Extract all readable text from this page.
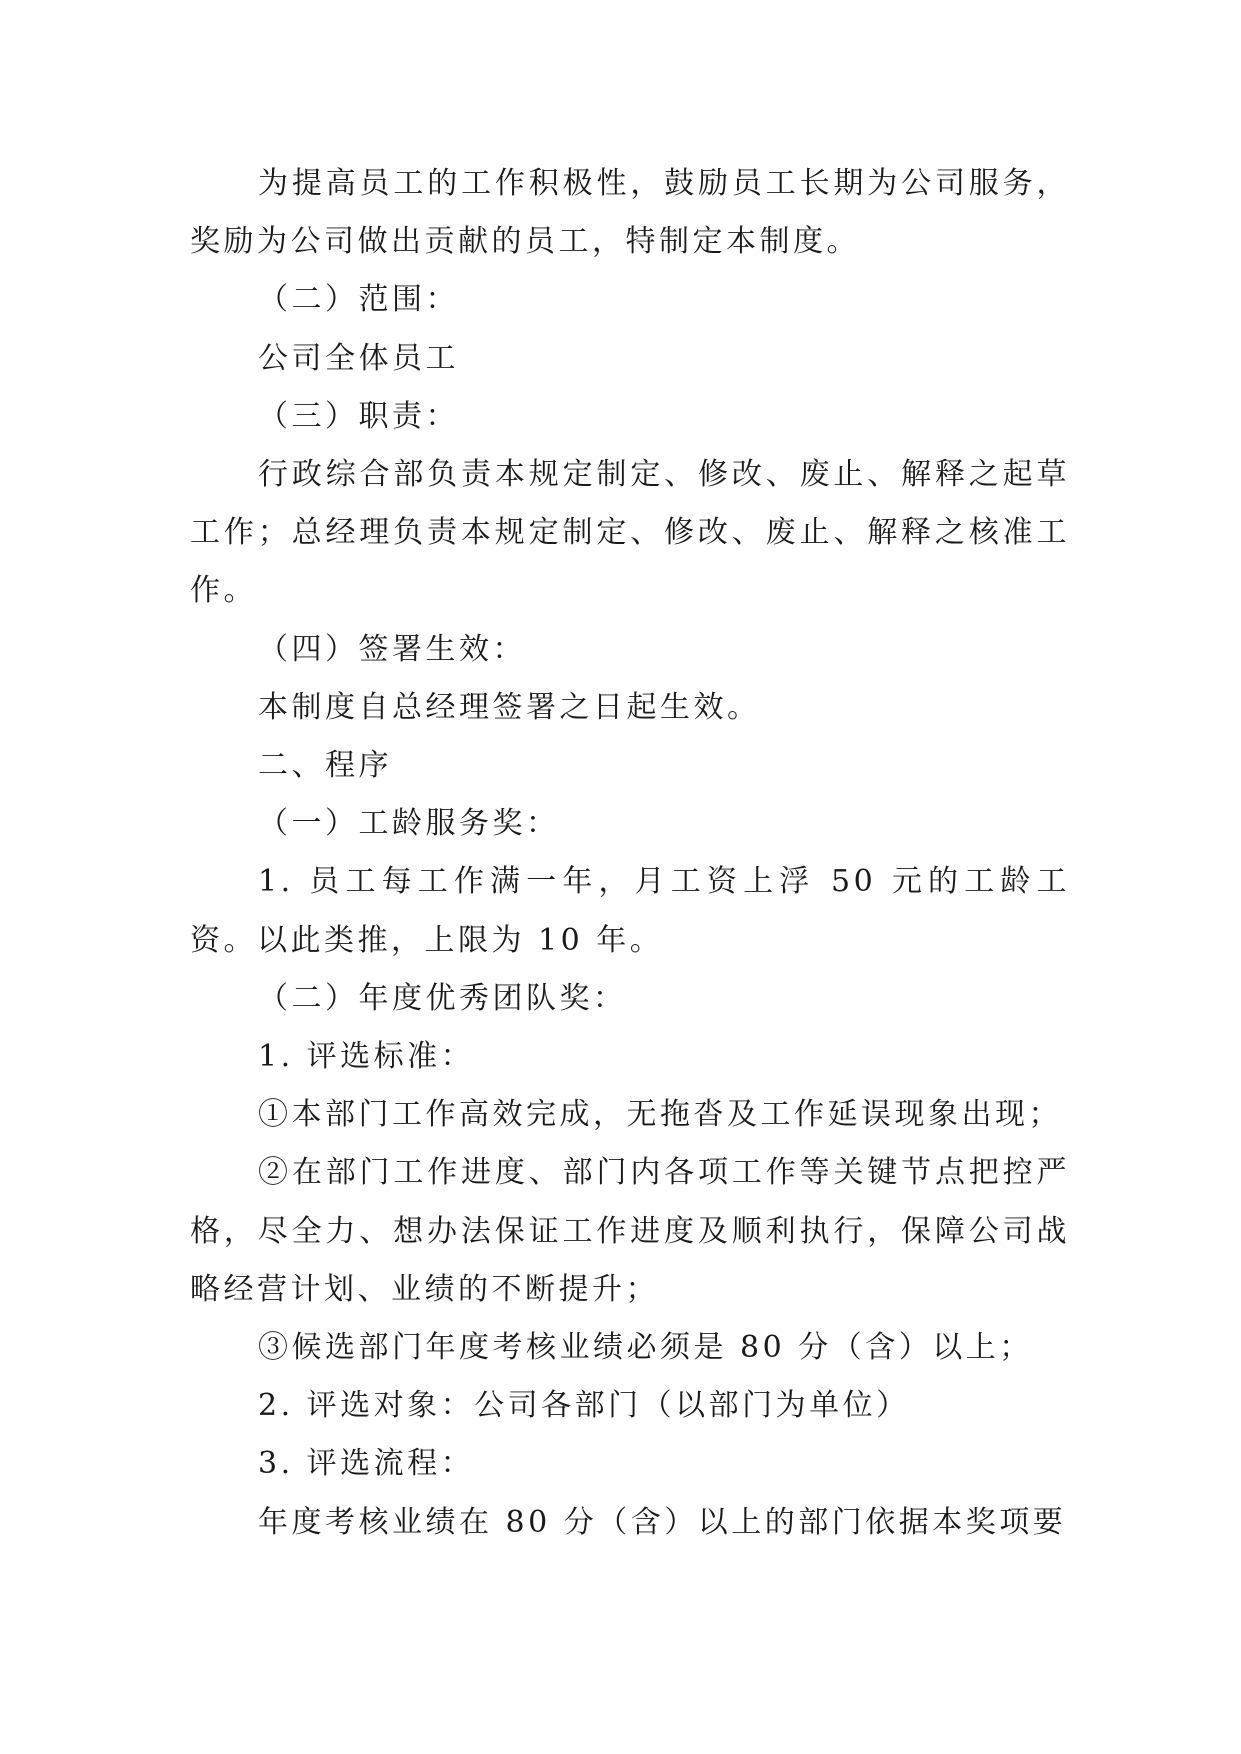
为提高员工的工作积极性，鼓励员工长期为公司服务，奖励为公司做出贡献的员工，特制定本制度。

（二）范围：

公司全体员工

（三）职责：

行政综合部负责本规定制定、修改、废止、解释之起草工作；总经理负责本规定制定、修改、废止、解释之核准工作。

（四）签署生效：

本制度自总经理签署之日起生效。

二、程序

（一）工龄服务奖：

1. 员工每工作满一年，月工资上浮 50 元的工龄工资。以此类推，上限为 10 年。

（二）年度优秀团队奖：

1. 评选标准：

①本部门工作高效完成，无拖沓及工作延误现象出现；

②在部门工作进度、部门内各项工作等关键节点把控严格，尽全力、想办法保证工作进度及顺利执行，保障公司战略经营计划、业绩的不断提升；

③候选部门年度考核业绩必须是 80 分（含）以上；

2. 评选对象：公司各部门（以部门为单位）

3. 评选流程：

年度考核业绩在 80 分（含）以上的部门依据本奖项要
